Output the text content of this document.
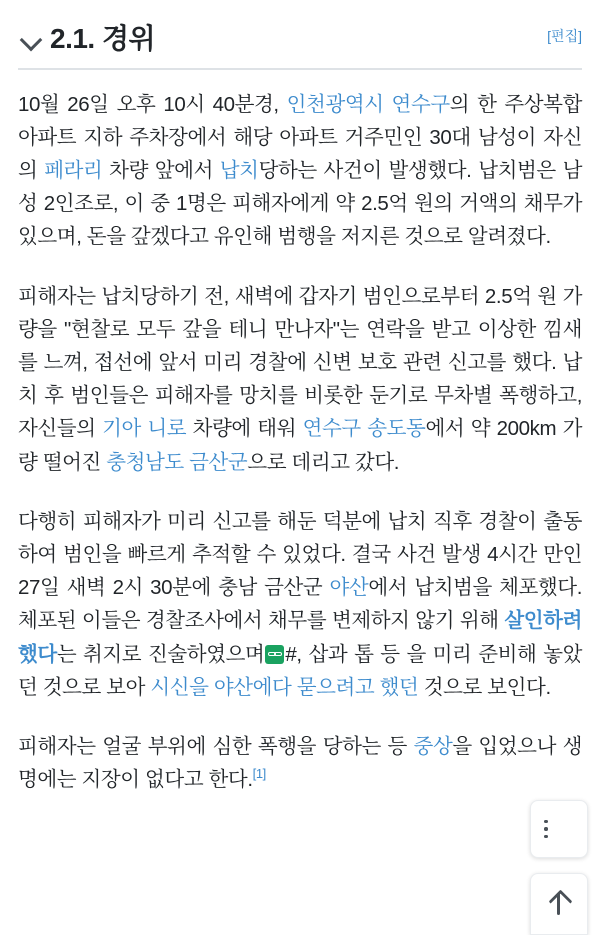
2.1. 경위	[편집]

10월 26일 오후 10시 40분경, 인천광역시 연수구의 한 주상복합 아파트 지하 주차장에서 해당 아파트 거주민인 30대 남성이 자신의 페라리 차량 앞에서 납치당하는 사건이 발생했다. 납치범은 남성 2인조로, 이 중 1명은 피해자에게 약 2.5억 원의 거액의 채무가 있으며, 돈을 갚겠다고 유인해 범행을 저지른 것으로 알려졌다.

피해자는 납치당하기 전, 새벽에 갑자기 범인으로부터 2.5억 원 가량을 "현찰로 모두 갚을 테니 만나자"는 연락을 받고 이상한 낌새를 느껴, 접선에 앞서 미리 경찰에 신변 보호 관련 신고를 했다. 납치 후 범인들은 피해자를 망치를 비롯한 둔기로 무차별 폭행하고, 자신들의 기아 니로 차량에 태워 연수구 송도동에서 약 200km 가량 떨어진 충청남도 금산군으로 데리고 갔다.

다행히 피해자가 미리 신고를 해둔 덕분에 납치 직후 경찰이 출동하여 범인을 빠르게 추적할 수 있었다. 결국 사건 발생 4시간 만인 27일 새벽 2시 30분에 충남 금산군 야산에서 납치범을 체포했다. 체포된 이들은 경찰조사에서 채무를 변제하지 않기 위해 살인하려 했다는 취지로 진술하였으며 #, 삽과 톱 등 을 미리 준비해 놓았던 것으로 보아 시신을 야산에다 묻으려고 했던 것으로 보인다.

피해자는 얼굴 부위에 심한 폭행을 당하는 등 중상을 입었으나 생명에는 지장이 없다고 한다.[1]
